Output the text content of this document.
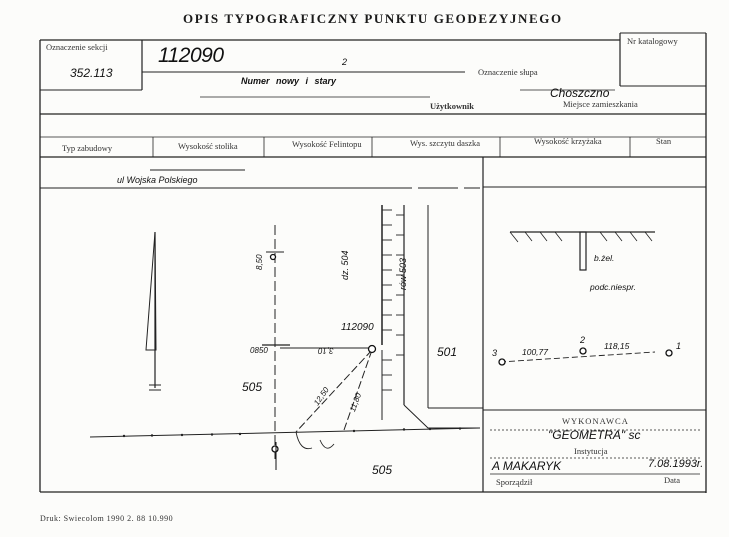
OPIS TYPOGRAFICZNY PUNKTU GEODEZYJNEGO
Oznaczenie sekcji
352.113
112090	2
Numer nowy i stary
Oznaczenie słupa
Nr katalogowy
Choszczno
Użytkownik	Miejsce zamieszkania
Typ zabudowy	Wysokość stolika	Wysokość Felintopu	Wys. szczytu daszka	Wysokość krzyżaka	Stan
ul Wojska Polskiego
rów 503
dz. 504
112090
501
505
505
8,50
0850	3,10
12,50 11,80
b.żel.
podc.niespr.
3
2
1
100,77
118,15
WYKONAWCA
"GEOMETRA" sc
Instytucja
A MAKARYK	7.08.1993r.
Sporządził	Data
Druk: Swiecolom 1990 2. 88 10.990
